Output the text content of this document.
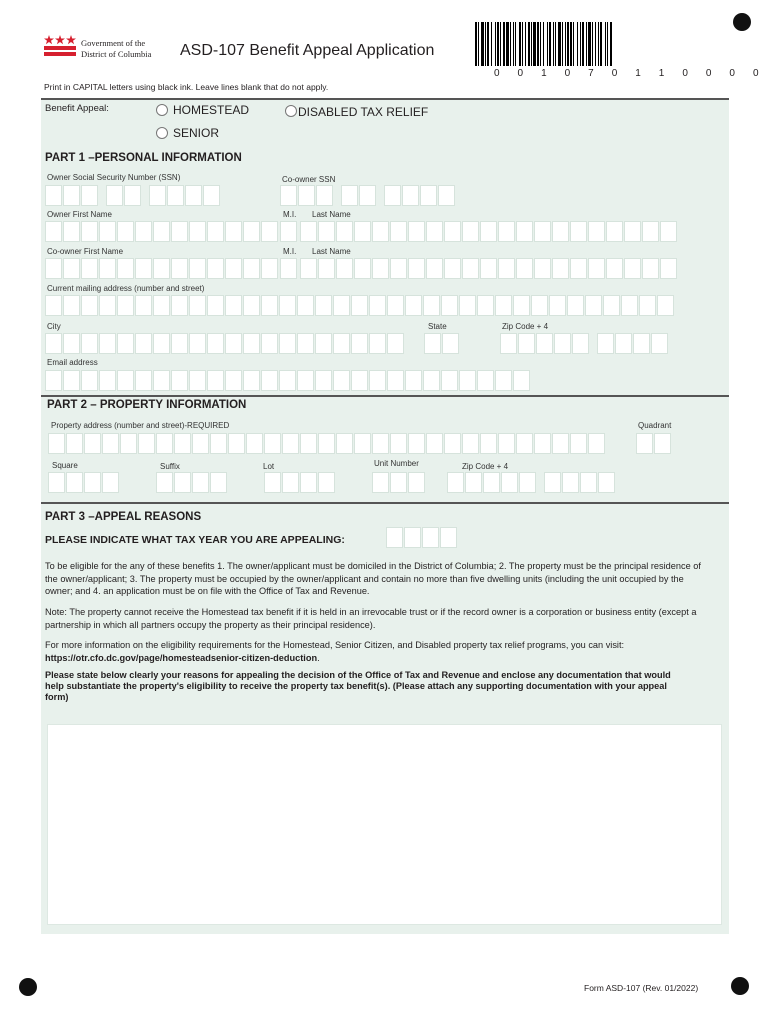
Government of the
District of Columbia ASD-107 Benefit Appeal Application
0 0 1 0 7 0 1 1 0 0 0 0
Print in CAPITAL letters using black ink. Leave lines blank that do not apply.
Benefit Appeal:	HOMESTEAD	DISABLED TAX RELIEF
SENIOR
PART 1 –PERSONAL INFORMATION
Owner Social Security Number (SSN)	Co-owner SSN
Owner First Name	M.I. Last Name
Co-owner First Name	M.I. Last Name
Current mailing address (number and street)
City	State	Zip Code + 4
Email address
PART 2 – PROPERTY INFORMATION
Property address (number and street)-REQUIRED	Quadrant
Square	Suffix	Lot	Unit Number	Zip Code + 4
PART 3 –APPEAL REASONS
PLEASE INDICATE WHAT TAX YEAR YOU ARE APPEALING:
To be eligible for the any of these benefits 1. The owner/applicant must be domiciled in the District of Columbia; 2. The property must be the principal residence of the owner/applicant; 3. The property must be occupied by the owner/applicant and contain no more than five dwelling units (including the unit occupied by the owner; and 4. an application must be on file with the Office of Tax and Revenue.
Note: The property cannot receive the Homestead tax benefit if it is held in an irrevocable trust or if the record owner is a corporation or business entity (except a partnership in which all partners occupy the property as their principal residence).
For more information on the eligibility requirements for the Homestead, Senior Citizen, and Disabled property tax relief programs, you can visit: https://otr.cfo.dc.gov/page/homesteadsenior-citizen-deduction.
Please state below clearly your reasons for appealing the decision of the Office of Tax and Revenue and enclose any documentation that would help substantiate the property's eligibility to receive the property tax benefit(s). (Please attach any supporting documentation with your appeal form)
Form ASD-107 (Rev. 01/2022)
